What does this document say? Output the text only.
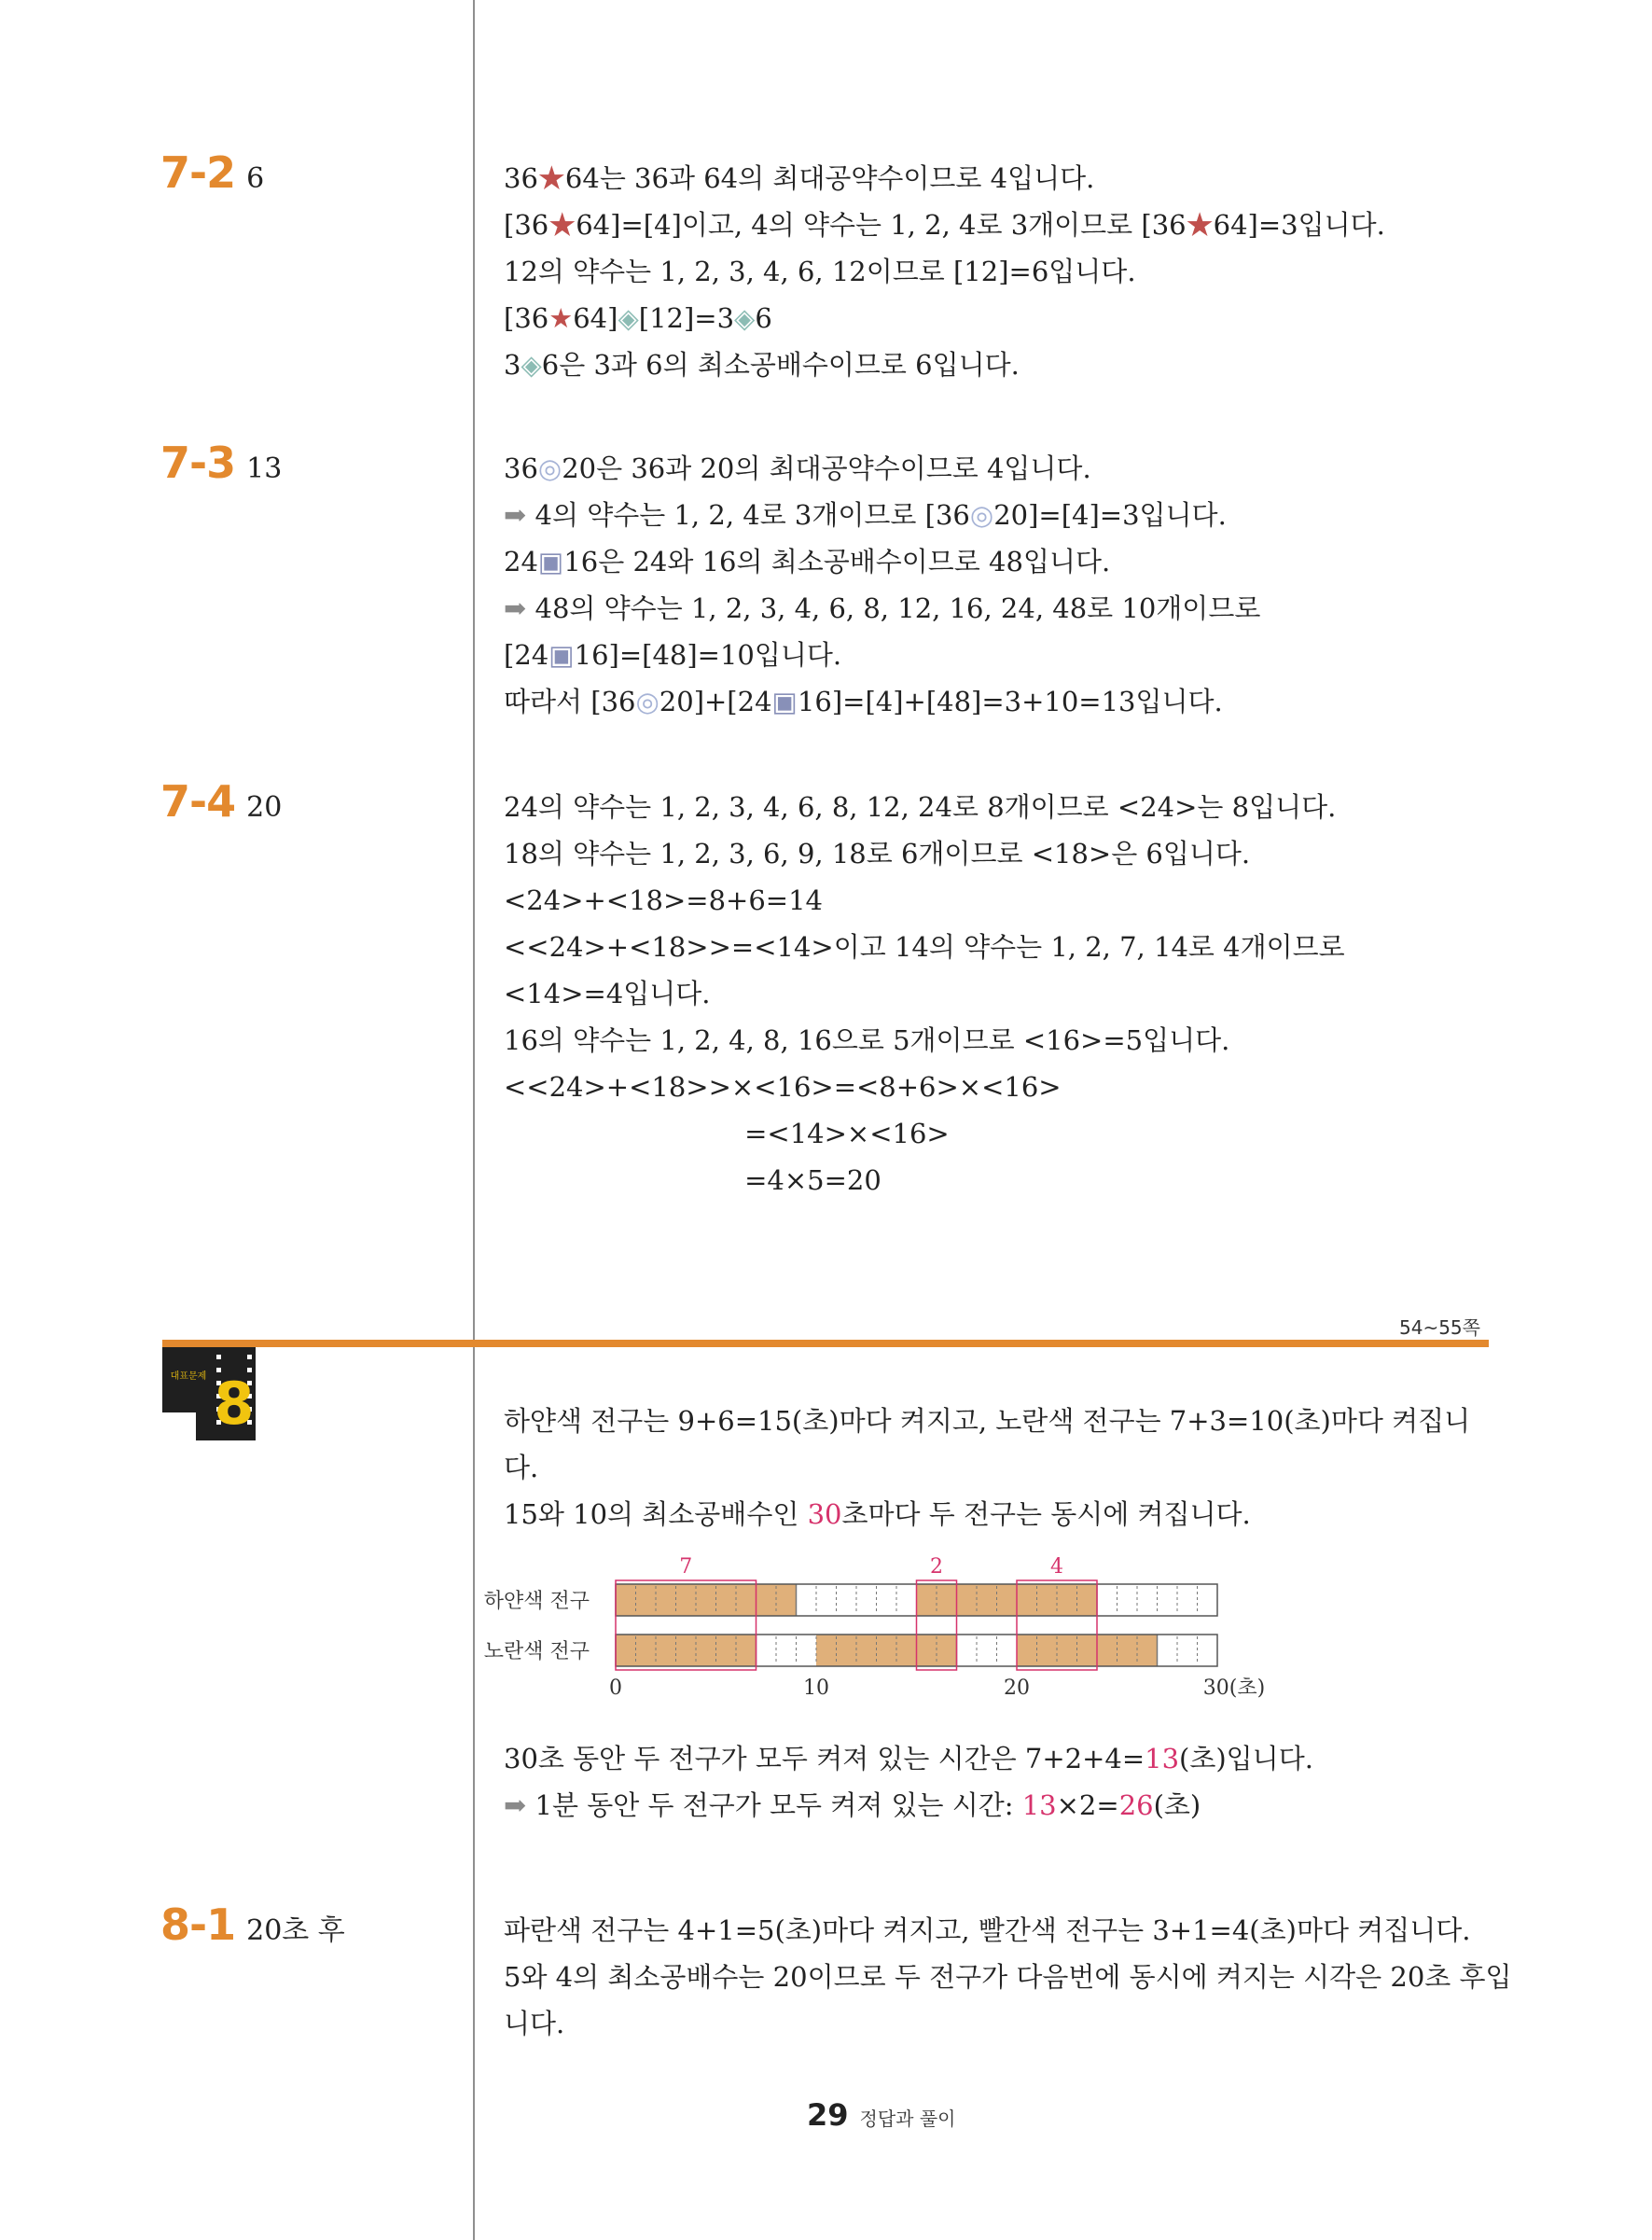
7-2 6	36★64는 36과 64의 최대공약수이므로 4입니다.
[36★64]=[4]이고, 4의 약수는 1, 2, 4로 3개이므로 [36★64]=3입니다.
12의 약수는 1, 2, 3, 4, 6, 12이므로 [12]=6입니다.
[36★64]◈[12]=3◈6
3◈6은 3과 6의 최소공배수이므로 6입니다.
7-3 13	36◎20은 36과 20의 최대공약수이므로 4입니다.
➡ 4의 약수는 1, 2, 4로 3개이므로 [36◎20]=[4]=3입니다.
24▣16은 24와 16의 최소공배수이므로 48입니다.
➡ 48의 약수는 1, 2, 3, 4, 6, 8, 12, 16, 24, 48로 10개이므로
[24▣16]=[48]=10입니다.
따라서 [36◎20]+[24▣16]=[4]+[48]=3+10=13입니다.
7-4 20	24의 약수는 1, 2, 3, 4, 6, 8, 12, 24로 8개이므로 <24>는 8입니다.
18의 약수는 1, 2, 3, 6, 9, 18로 6개이므로 <18>은 6입니다.
<24>+<18>=8+6=14
<<24>+<18>>=<14>이고 14의 약수는 1, 2, 7, 14로 4개이므로
<14>=4입니다.
16의 약수는 1, 2, 4, 8, 16으로 5개이므로 <16>=5입니다.
<<24>+<18>>×<16>=<8+6>×<16>
=<14>×<16>
=4×5=20
54~55쪽
대표문제 8	하얀색 전구는 9+6=15(초)마다 켜지고, 노란색 전구는 7+3=10(초)마다 켜집니
다.
15와 10의 최소공배수인 30초마다 두 전구는 동시에 켜집니다.
하얀색 전구
노란색 전구
7	2	4
0	10	20	30(초)
30초 동안 두 전구가 모두 켜져 있는 시간은 7+2+4=13(초)입니다.
➡ 1분 동안 두 전구가 모두 켜져 있는 시간: 13×2=26(초)
8-1 20초 후	파란색 전구는 4+1=5(초)마다 켜지고, 빨간색 전구는 3+1=4(초)마다 켜집니다.
5와 4의 최소공배수는 20이므로 두 전구가 다음번에 동시에 켜지는 시각은 20초 후입
니다.
29 정답과 풀이
